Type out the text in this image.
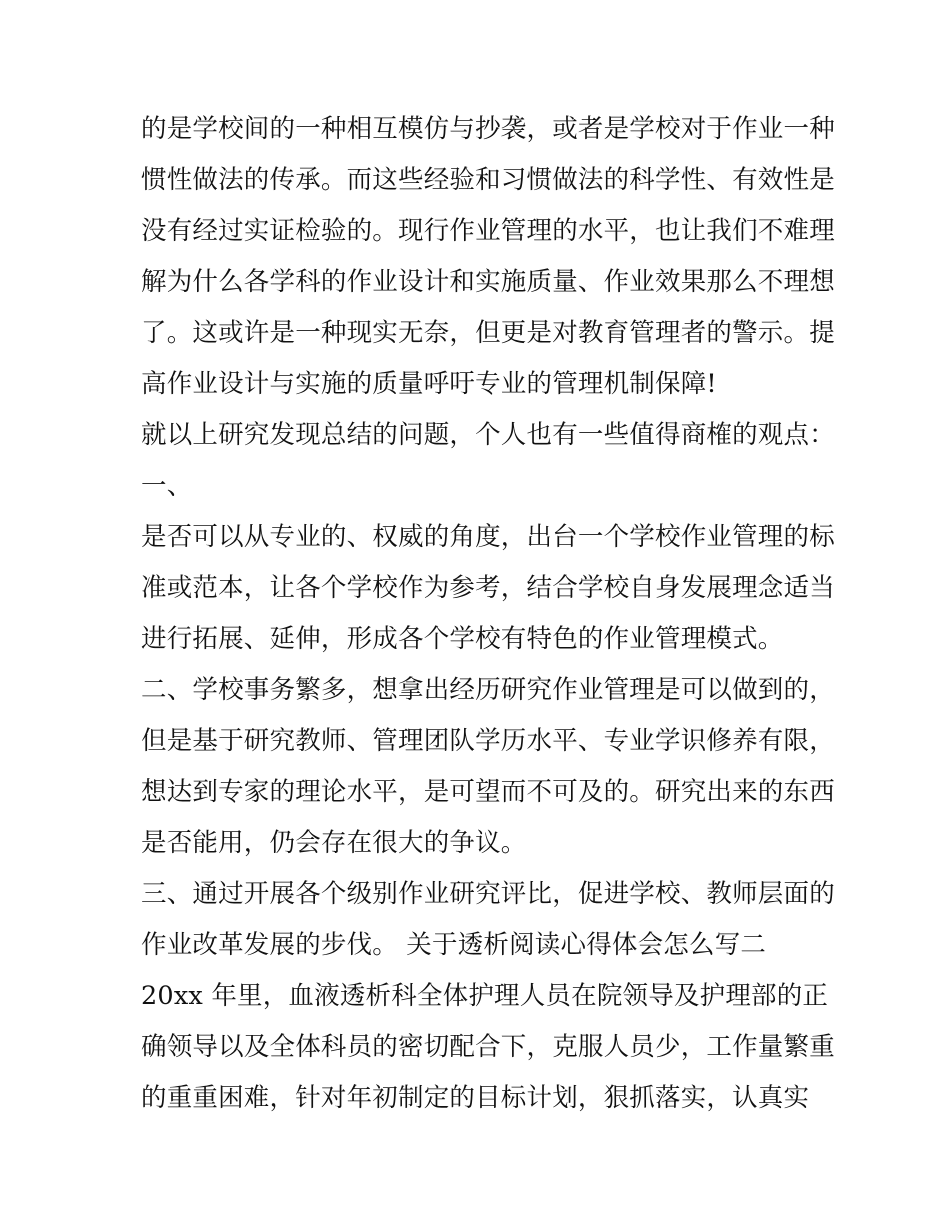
的是学校间的一种相互模仿与抄袭，或者是学校对于作业一种
惯性做法的传承。而这些经验和习惯做法的科学性、有效性是
没有经过实证检验的。现行作业管理的水平，也让我们不难理
解为什么各学科的作业设计和实施质量、作业效果那么不理想
了。这或许是一种现实无奈，但更是对教育管理者的警示。提
高作业设计与实施的质量呼吁专业的管理机制保障!
就以上研究发现总结的问题，个人也有一些值得商榷的观点：
一、
是否可以从专业的、权威的角度，出台一个学校作业管理的标
准或范本，让各个学校作为参考，结合学校自身发展理念适当
进行拓展、延伸，形成各个学校有特色的作业管理模式。
二、学校事务繁多，想拿出经历研究作业管理是可以做到的，
但是基于研究教师、管理团队学历水平、专业学识修养有限，
想达到专家的理论水平，是可望而不可及的。研究出来的东西
是否能用，仍会存在很大的争议。
三、通过开展各个级别作业研究评比，促进学校、教师层面的
作业改革发展的步伐。 关于透析阅读心得体会怎么写二
20xx 年里，血液透析科全体护理人员在院领导及护理部的正
确领导以及全体科员的密切配合下，克服人员少，工作量繁重
的重重困难，针对年初制定的目标计划，狠抓落实，认真实
